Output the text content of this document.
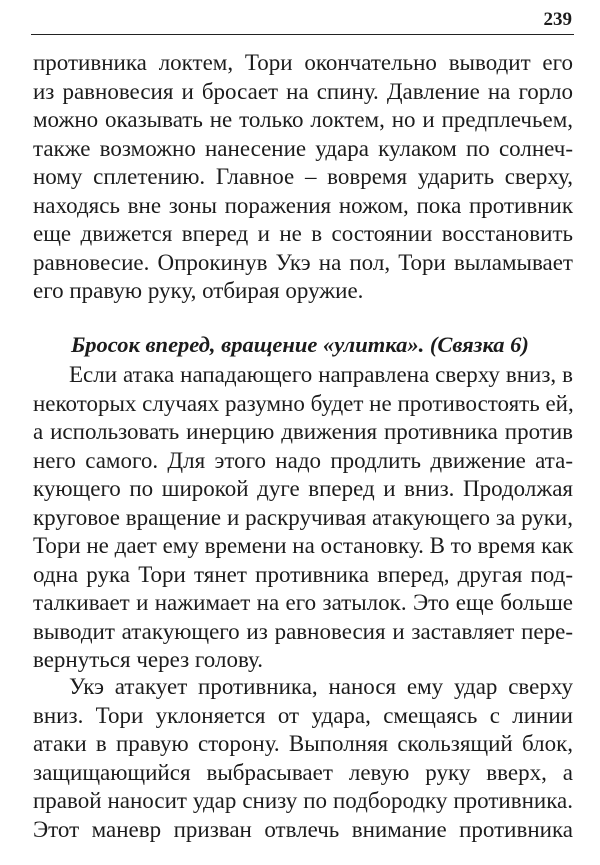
239
противника локтем, Тори окончательно выводит его
из равновесия и бросает на спину. Давление на горло
можно оказывать не только локтем, но и предплечьем,
также возможно нанесение удара кулаком по солнеч-
ному сплетению. Главное – вовремя ударить сверху,
находясь вне зоны поражения ножом, пока противник
еще движется вперед и не в состоянии восстановить
равновесие. Опрокинув Укэ на пол, Тори выламывает
его правую руку, отбирая оружие.
Бросок вперед, вращение «улитка». (Связка 6)
Если атака нападающего направлена сверху вниз, в
некоторых случаях разумно будет не противостоять ей,
а использовать инерцию движения противника против
него самого. Для этого надо продлить движение ата-
кующего по широкой дуге вперед и вниз. Продолжая
круговое вращение и раскручивая атакующего за руки,
Тори не дает ему времени на остановку. В то время как
одна рука Тори тянет противника вперед, другая под-
талкивает и нажимает на его затылок. Это еще больше
выводит атакующего из равновесия и заставляет пере-
вернуться через голову.
Укэ атакует противника, нанося ему удар сверху
вниз. Тори уклоняется от удара, смещаясь с линии
атаки в правую сторону. Выполняя скользящий блок,
защищающийся выбрасывает левую руку вверх, а
правой наносит удар снизу по подбородку противника.
Этот маневр призван отвлечь внимание противника
